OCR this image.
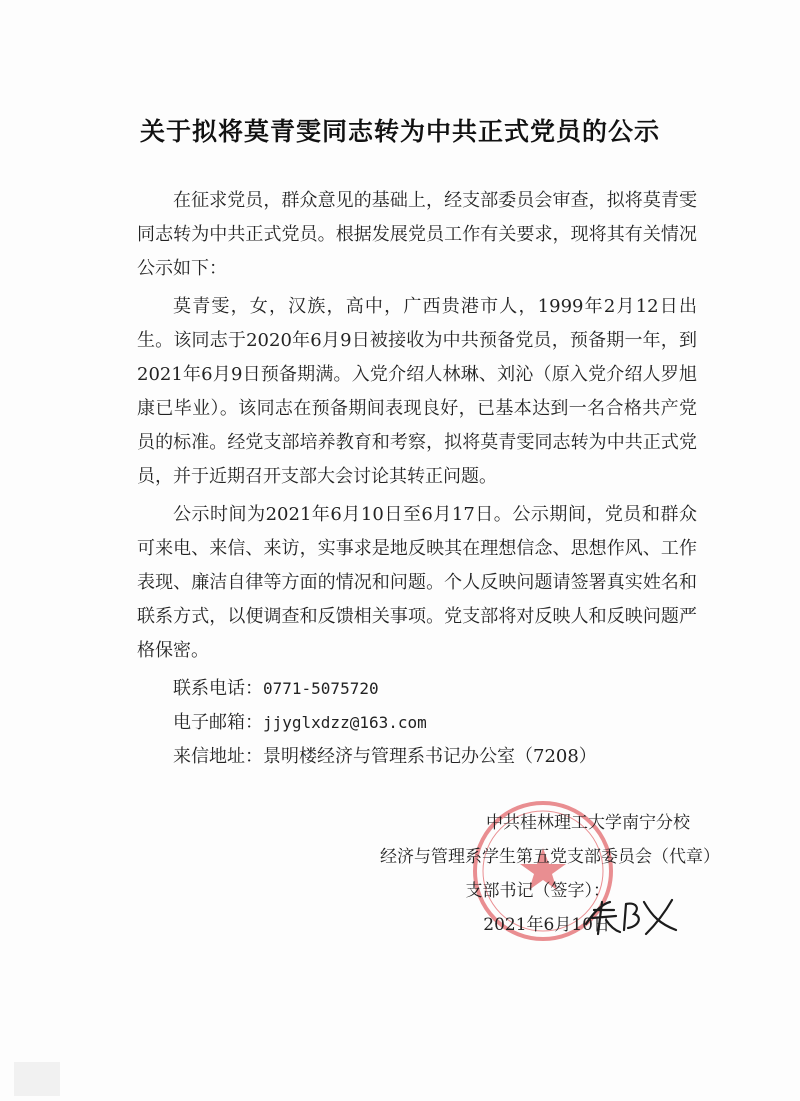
关于拟将莫青雯同志转为中共正式党员的公示

在征求党员，群众意见的基础上，经支部委员会审查，拟将莫青雯同志转为中共正式党员。根据发展党员工作有关要求，现将其有关情况公示如下：

莫青雯，女，汉族，高中，广西贵港市人，1999年2月12日出生。该同志于2020年6月9日被接收为中共预备党员，预备期一年，到2021年6月9日预备期满。入党介绍人林琳、刘沁（原入党介绍人罗旭康已毕业）。该同志在预备期间表现良好，已基本达到一名合格共产党员的标准。经党支部培养教育和考察，拟将莫青雯同志转为中共正式党员，并于近期召开支部大会讨论其转正问题。

公示时间为2021年6月10日至6月17日。公示期间，党员和群众可来电、来信、来访，实事求是地反映其在理想信念、思想作风、工作表现、廉洁自律等方面的情况和问题。个人反映问题请签署真实姓名和联系方式，以便调查和反馈相关事项。党支部将对反映人和反映问题严格保密。

联系电话：0771-5075720
电子邮箱：jjyglxdzz@163.com
来信地址：景明楼经济与管理系书记办公室（7208）
中共桂林理工大学南宁分校
经济与管理系学生第五党支部委员会（代章）
支部书记（签字）：
2021年6月10日
